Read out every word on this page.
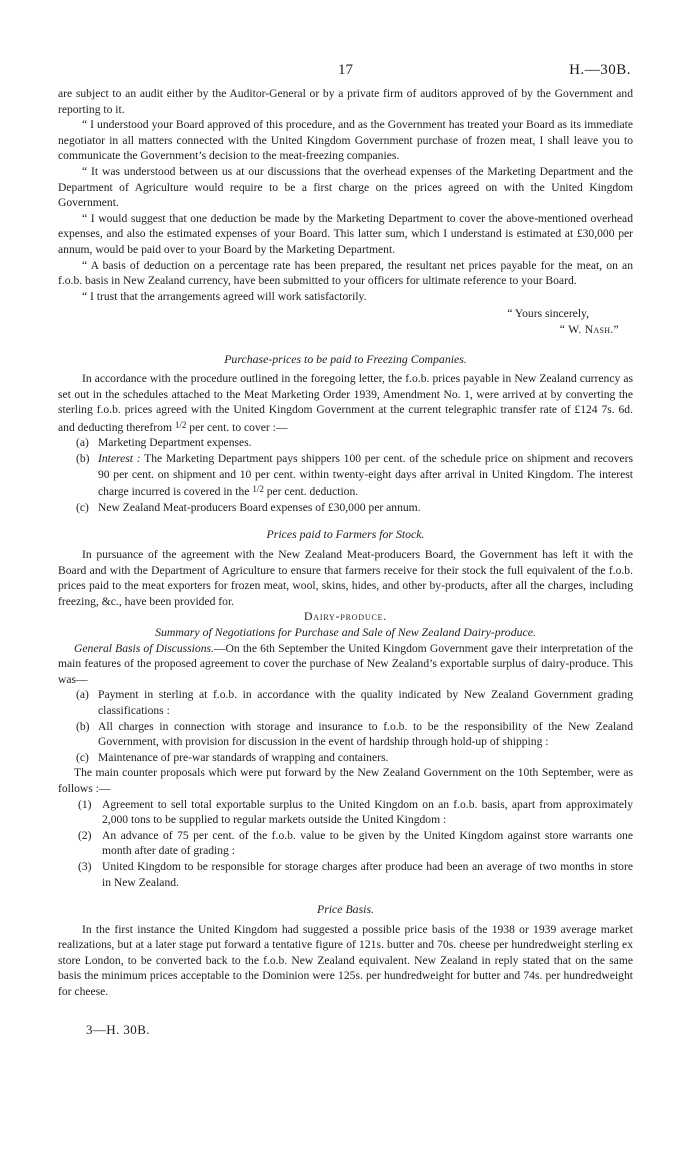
17	H.—30B.

are subject to an audit either by the Auditor-General or by a private firm of auditors approved of by the Government and reporting to it.

“ I understood your Board approved of this procedure, and as the Government has treated your Board as its immediate negotiator in all matters connected with the United Kingdom Government purchase of frozen meat, I shall leave you to communicate the Government’s decision to the meat-freezing companies.

“ It was understood between us at our discussions that the overhead expenses of the Marketing Department and the Department of Agriculture would require to be a first charge on the prices agreed on with the United Kingdom Government.

“ I would suggest that one deduction be made by the Marketing Department to cover the above-mentioned overhead expenses, and also the estimated expenses of your Board. This latter sum, which I understand is estimated at £30,000 per annum, would be paid over to your Board by the Marketing Department.

“ A basis of deduction on a percentage rate has been prepared, the resultant net prices payable for the meat, on an f.o.b. basis in New Zealand currency, have been submitted to your officers for ultimate reference to your Board.

“ I trust that the arrangements agreed will work satisfactorily.

“ Yours sincerely,

“ W. Nash.”

Purchase-prices to be paid to Freezing Companies.

In accordance with the procedure outlined in the foregoing letter, the f.o.b. prices payable in New Zealand currency as set out in the schedules attached to the Meat Marketing Order 1939, Amendment No. 1, were arrived at by converting the sterling f.o.b. prices agreed with the United Kingdom Government at the current telegraphic transfer rate of £124 7s. 6d. and deducting therefrom $^{1/2}$ per cent. to cover :—

(a) Marketing Department expenses.
(b) Interest : The Marketing Department pays shippers 100 per cent. of the schedule price on shipment and recovers 90 per cent. on shipment and 10 per cent. within twenty-eight days after arrival in United Kingdom. The interest charge incurred is covered in the $^{1/2}$ per cent. deduction.
(c) New Zealand Meat-producers Board expenses of £30,000 per annum.
Prices paid to Farmers for Stock.

In pursuance of the agreement with the New Zealand Meat-producers Board, the Government has left it with the Board and with the Department of Agriculture to ensure that farmers receive for their stock the full equivalent of the f.o.b. prices paid to the meat exporters for frozen meat, wool, skins, hides, and other by-products, after all the charges, including freezing, &c., have been provided for.

Dairy-produce.
Summary of Negotiations for Purchase and Sale of New Zealand Dairy-produce.

General Basis of Discussions.—On the 6th September the United Kingdom Government gave their interpretation of the main features of the proposed agreement to cover the purchase of New Zealand’s exportable surplus of dairy-produce. This was—

(a) Payment in sterling at f.o.b. in accordance with the quality indicated by New Zealand Government grading classifications :
(b) All charges in connection with storage and insurance to f.o.b. to be the responsibility of the New Zealand Government, with provision for discussion in the event of hardship through hold-up of shipping :
(c) Maintenance of pre-war standards of wrapping and containers.

The main counter proposals which were put forward by the New Zealand Government on the 10th September, were as follows :—

(1) Agreement to sell total exportable surplus to the United Kingdom on an f.o.b. basis, apart from approximately 2,000 tons to be supplied to regular markets outside the United Kingdom :
(2) An advance of 75 per cent. of the f.o.b. value to be given by the United Kingdom against store warrants one month after date of grading :
(3) United Kingdom to be responsible for storage charges after produce had been an average of two months in store in New Zealand.
Price Basis.

In the first instance the United Kingdom had suggested a possible price basis of the 1938 or 1939 average market realizations, but at a later stage put forward a tentative figure of 121s. butter and 70s. cheese per hundredweight sterling ex store London, to be converted back to the f.o.b. New Zealand equivalent. New Zealand in reply stated that on the same basis the minimum prices acceptable to the Dominion were 125s. per hundredweight for butter and 74s. per hundredweight for cheese.

3—H. 30B.
